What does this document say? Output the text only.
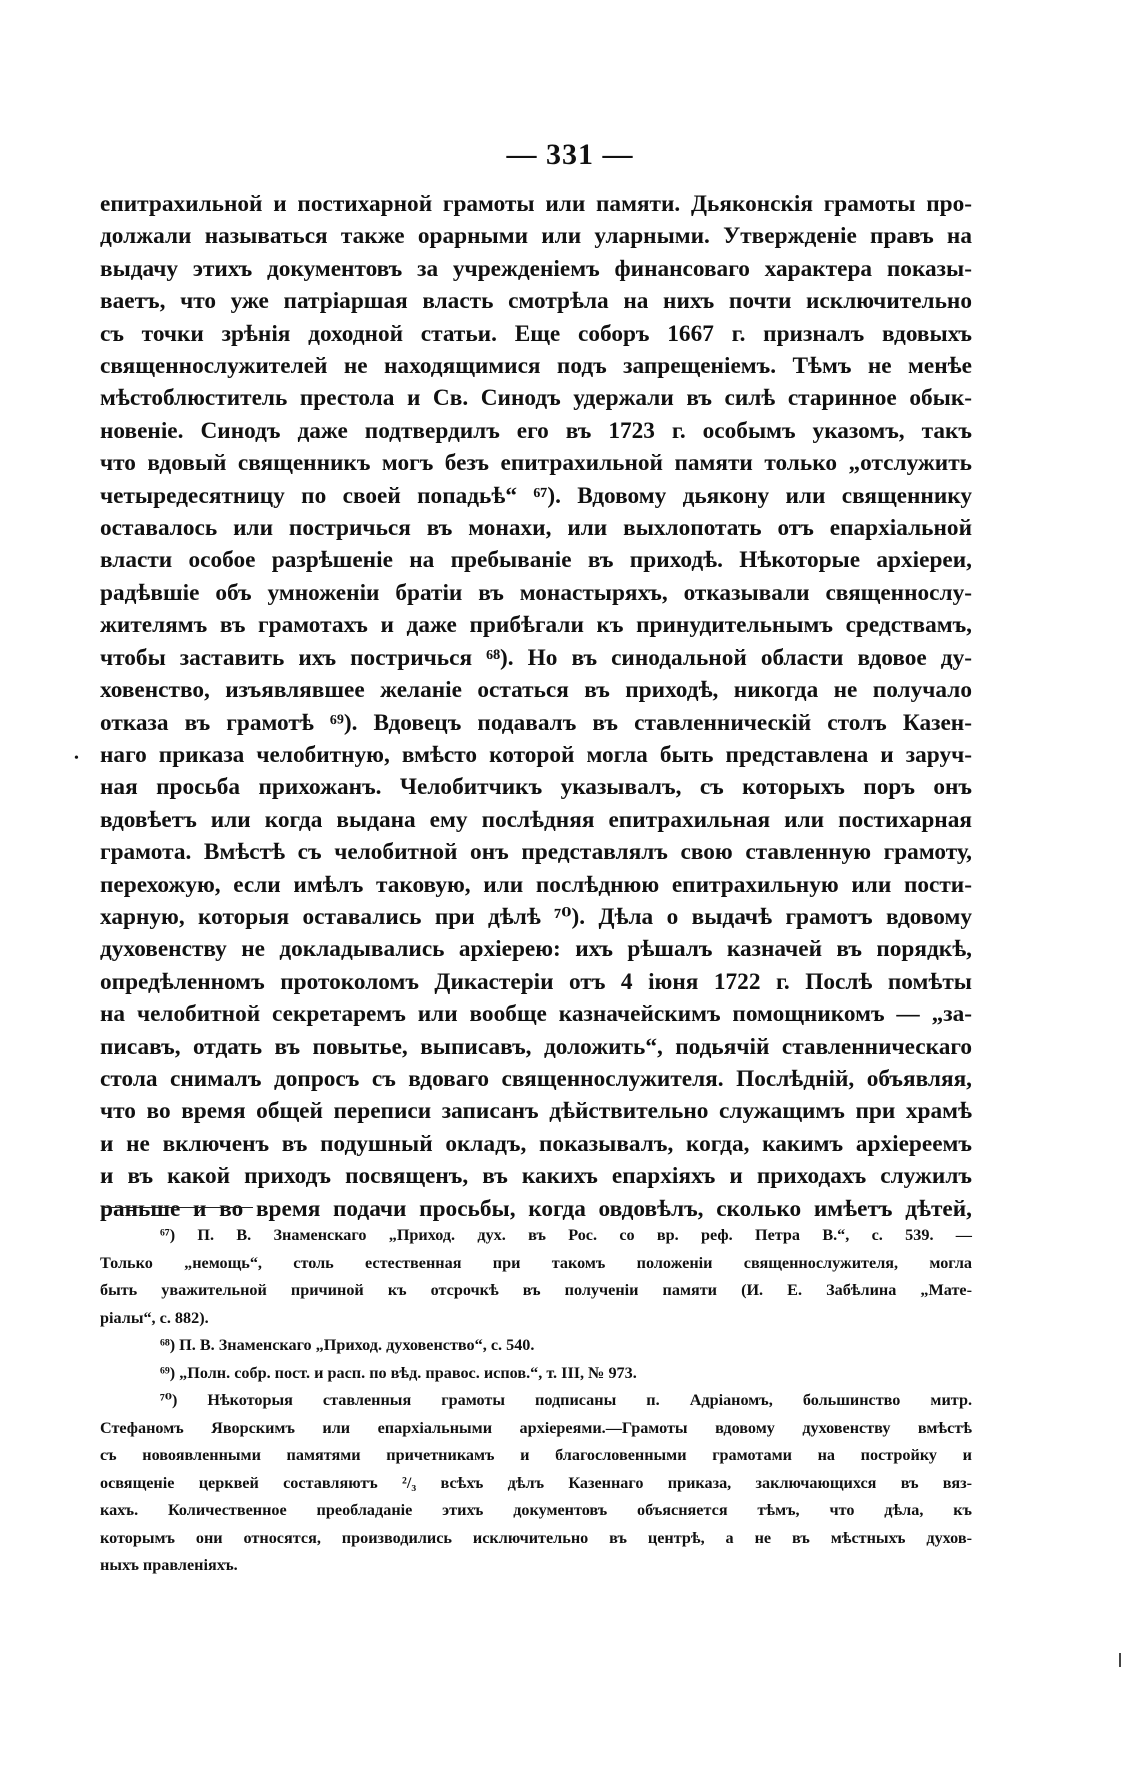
— 331 —
епитрахильной и постихарной грамоты или памяти. Дьяконскія грамоты про-
должали называться также орарными или уларными. Утвержденіе правъ на
выдачу этихъ документовъ за учрежденіемъ финансоваго характера показы-
ваетъ, что уже патріаршая власть смотрѣла на нихъ почти исключительно
съ точки зрѣнія доходной статьи. Еще соборъ 1667 г. призналъ вдовыхъ
священнослужителей не находящимися подъ запрещеніемъ. Тѣмъ не менѣе
мѣстоблюститель престола и Св. Синодъ удержали въ силѣ старинное обык-
новеніе. Синодъ даже подтвердилъ его въ 1723 г. особымъ указомъ, такъ
что вдовый священникъ могъ безъ епитрахильной памяти только „отслужить
четыредесятницу по своей попадьѣ“ ⁶⁷). Вдовому дьякону или священнику
оставалось или постричься въ монахи, или выхлопотать отъ епархіальной
власти особое разрѣшеніе на пребываніе въ приходѣ. Нѣкоторые архіереи,
радѣвшіе объ умноженіи братіи въ монастыряхъ, отказывали священнослу-
жителямъ въ грамотахъ и даже прибѣгали къ принудительнымъ средствамъ,
чтобы заставить ихъ постричься ⁶⁸). Но въ синодальной области вдовое ду-
ховенство, изъявлявшее желаніе остаться въ приходѣ, никогда не получало
отказа въ грамотѣ ⁶⁹). Вдовецъ подавалъ въ ставленническій столъ Казен-
наго приказа челобитную, вмѣсто которой могла быть представлена и заруч-
ная просьба прихожанъ. Челобитчикъ указывалъ, съ которыхъ поръ онъ
вдовѣетъ или когда выдана ему послѣдняя епитрахильная или постихарная
грамота. Вмѣстѣ съ челобитной онъ представлялъ свою ставленную грамоту,
перехожую, если имѣлъ таковую, или послѣднюю епитрахильную или пости-
харную, которыя оставались при дѣлѣ ⁷⁰). Дѣла о выдачѣ грамотъ вдовому
духовенству не докладывались архіерею: ихъ рѣшалъ казначей въ порядкѣ,
опредѣленномъ протоколомъ Дикастеріи отъ 4 іюня 1722 г. Послѣ помѣты
на челобитной секретаремъ или вообще казначейскимъ помощникомъ — „за-
писавъ, отдать въ повытье, выписавъ, доложить“, подьячій ставленническаго
стола снималъ допросъ съ вдоваго священнослужителя. Послѣдній, объявляя,
что во время общей переписи записанъ дѣйствительно служащимъ при храмѣ
и не включенъ въ подушный окладъ, показывалъ, когда, какимъ архіереемъ
и въ какой приходъ посвященъ, въ какихъ епархіяхъ и приходахъ служилъ
раньше и во время подачи просьбы, когда овдовѣлъ, сколько имѣетъ дѣтей,
⁶⁷) П. В. Знаменскаго „Приход. дух. въ Рос. со вр. реф. Петра В.“, с. 539. —
Только „немощь“, столь естественная при такомъ положеніи священнослужителя, могла
быть уважительной причиной къ отсрочкѣ въ полученіи памяти (И. Е. Забѣлина „Мате-
ріалы“, с. 882).
⁶⁸) П. В. Знаменскаго „Приход. духовенство“, с. 540.
⁶⁹) „Полн. собр. пост. и расп. по вѣд. правос. испов.“, т. III, № 973.
⁷⁰) Нѣкоторыя ставленныя грамоты подписаны п. Адріаномъ, большинство митр.
Стефаномъ Яворскимъ или епархіальными архіереями.—Грамоты вдовому духовенству вмѣстѣ
съ новоявленными памятями причетникамъ и благословенными грамотами на постройку и
освященіе церквей составляютъ ²/₃ всѣхъ дѣлъ Казеннаго приказа, заключающихся въ вяз-
кахъ. Количественное преобладаніе этихъ документовъ объясняется тѣмъ, что дѣла, къ
которымъ они относятся, производились исключительно въ центрѣ, а не въ мѣстныхъ духов-
ныхъ правленіяхъ.
•
